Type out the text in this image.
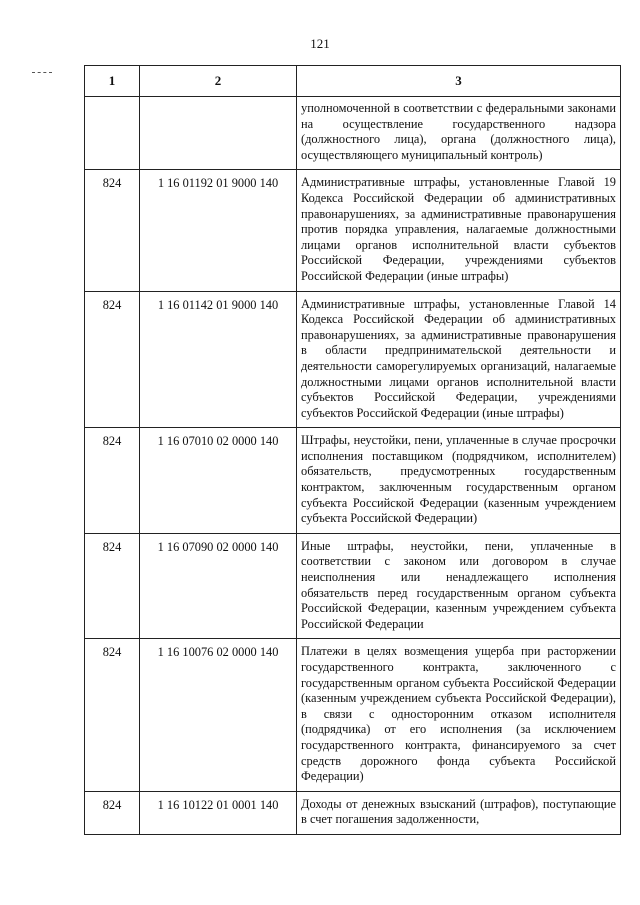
121
1	2	3
		уполномоченной в соответствии с федеральными законами на осуществление государственного надзора (должностного лица), органа (должностного лица), осуществляющего муниципальный контроль)
824	1 16 01192 01 9000 140	Административные штрафы, установленные Главой 19 Кодекса Российской Федерации об административных правонарушениях, за административные правонарушения против порядка управления, налагаемые должностными лицами органов исполнительной власти субъектов Российской Федерации, учреждениями субъектов Российской Федерации (иные штрафы)
824	1 16 01142 01 9000 140	Административные штрафы, установленные Главой 14 Кодекса Российской Федерации об административных правонарушениях, за административные правонарушения в области предпринимательской деятельности и деятельности саморегулируемых организаций, налагаемые должностными лицами органов исполнительной власти субъектов Российской Федерации, учреждениями субъектов Российской Федерации (иные штрафы)
824	1 16 07010 02 0000 140	Штрафы, неустойки, пени, уплаченные в случае просрочки исполнения поставщиком (подрядчиком, исполнителем) обязательств, предусмотренных государственным контрактом, заключенным государственным органом субъекта Российской Федерации (казенным учреждением субъекта Российской Федерации)
824	1 16 07090 02 0000 140	Иные штрафы, неустойки, пени, уплаченные в соответствии с законом или договором в случае неисполнения или ненадлежащего исполнения обязательств перед государственным органом субъекта Российской Федерации, казенным учреждением субъекта Российской Федерации
824	1 16 10076 02 0000 140	Платежи в целях возмещения ущерба при расторжении государственного контракта, заключенного с государственным органом субъекта Российской Федерации (казенным учреждением субъекта Российской Федерации), в связи с односторонним отказом исполнителя (подрядчика) от его исполнения (за исключением государственного контракта, финансируемого за счет средств дорожного фонда субъекта Российской Федерации)
824	1 16 10122 01 0001 140	Доходы от денежных взысканий (штрафов), поступающие в счет погашения задолженности,
